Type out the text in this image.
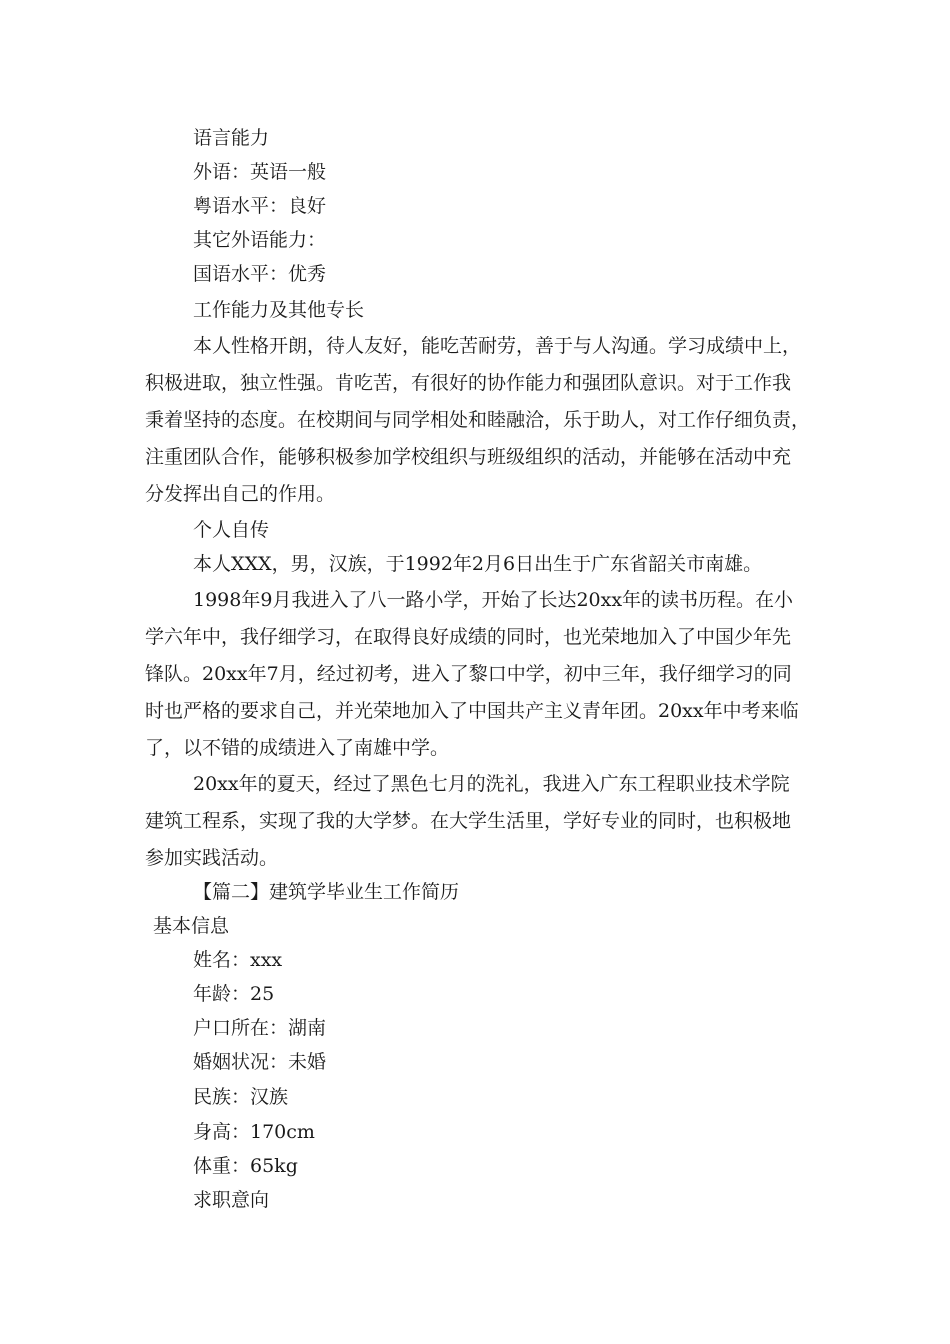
语言能力

外语：英语一般

粤语水平：良好

其它外语能力：

国语水平：优秀

工作能力及其他专长

本人性格开朗，待人友好，能吃苦耐劳，善于与人沟通。学习成绩中上，

积极进取，独立性强。肯吃苦，有很好的协作能力和强团队意识。对于工作我

秉着坚持的态度。在校期间与同学相处和睦融洽，乐于助人，对工作仔细负责，

注重团队合作，能够积极参加学校组织与班级组织的活动，并能够在活动中充

分发挥出自己的作用。

个人自传

本人XXX，男，汉族，于1992年2月6日出生于广东省韶关市南雄。

1998年9月我进入了八一路小学，开始了长达20xx年的读书历程。在小

学六年中，我仔细学习，在取得良好成绩的同时，也光荣地加入了中国少年先

锋队。20xx年7月，经过初考，进入了黎口中学，初中三年，我仔细学习的同

时也严格的要求自己，并光荣地加入了中国共产主义青年团。20xx年中考来临

了，以不错的成绩进入了南雄中学。

20xx年的夏天，经过了黑色七月的洗礼，我进入广东工程职业技术学院

建筑工程系，实现了我的大学梦。在大学生活里，学好专业的同时，也积极地

参加实践活动。

【篇二】建筑学毕业生工作简历

基本信息

姓名：xxx

年龄：25

户口所在：湖南

婚姻状况：未婚

民族：汉族

身高：170cm

体重：65kg

求职意向
